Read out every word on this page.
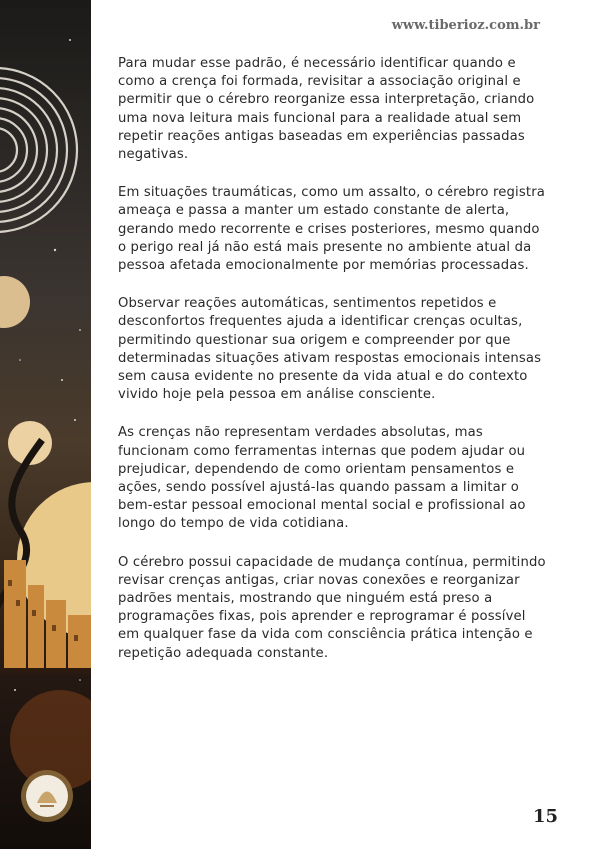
www.tiberioz.com.br

Para mudar esse padrão, é necessário identificar quando e como a crença foi formada, revisitar a associação original e permitir que o cérebro reorganize essa interpretação, criando uma nova leitura mais funcional para a realidade atual sem repetir reações antigas baseadas em experiências passadas negativas.

Em situações traumáticas, como um assalto, o cérebro registra ameaça e passa a manter um estado constante de alerta, gerando medo recorrente e crises posteriores, mesmo quando o perigo real já não está mais presente no ambiente atual da pessoa afetada emocionalmente por memórias processadas.

Observar reações automáticas, sentimentos repetidos e desconfortos frequentes ajuda a identificar crenças ocultas, permitindo questionar sua origem e compreender por que determinadas situações ativam respostas emocionais intensas sem causa evidente no presente da vida atual e do contexto vivido hoje pela pessoa em análise consciente.

As crenças não representam verdades absolutas, mas funcionam como ferramentas internas que podem ajudar ou prejudicar, dependendo de como orientam pensamentos e ações, sendo possível ajustá-las quando passam a limitar o bem-estar pessoal emocional mental social e profissional ao longo do tempo de vida cotidiana.

O cérebro possui capacidade de mudança contínua, permitindo revisar crenças antigas, criar novas conexões e reorganizar padrões mentais, mostrando que ninguém está preso a programações fixas, pois aprender e reprogramar é possível em qualquer fase da vida com consciência prática intenção e repetição adequada constante.

15
